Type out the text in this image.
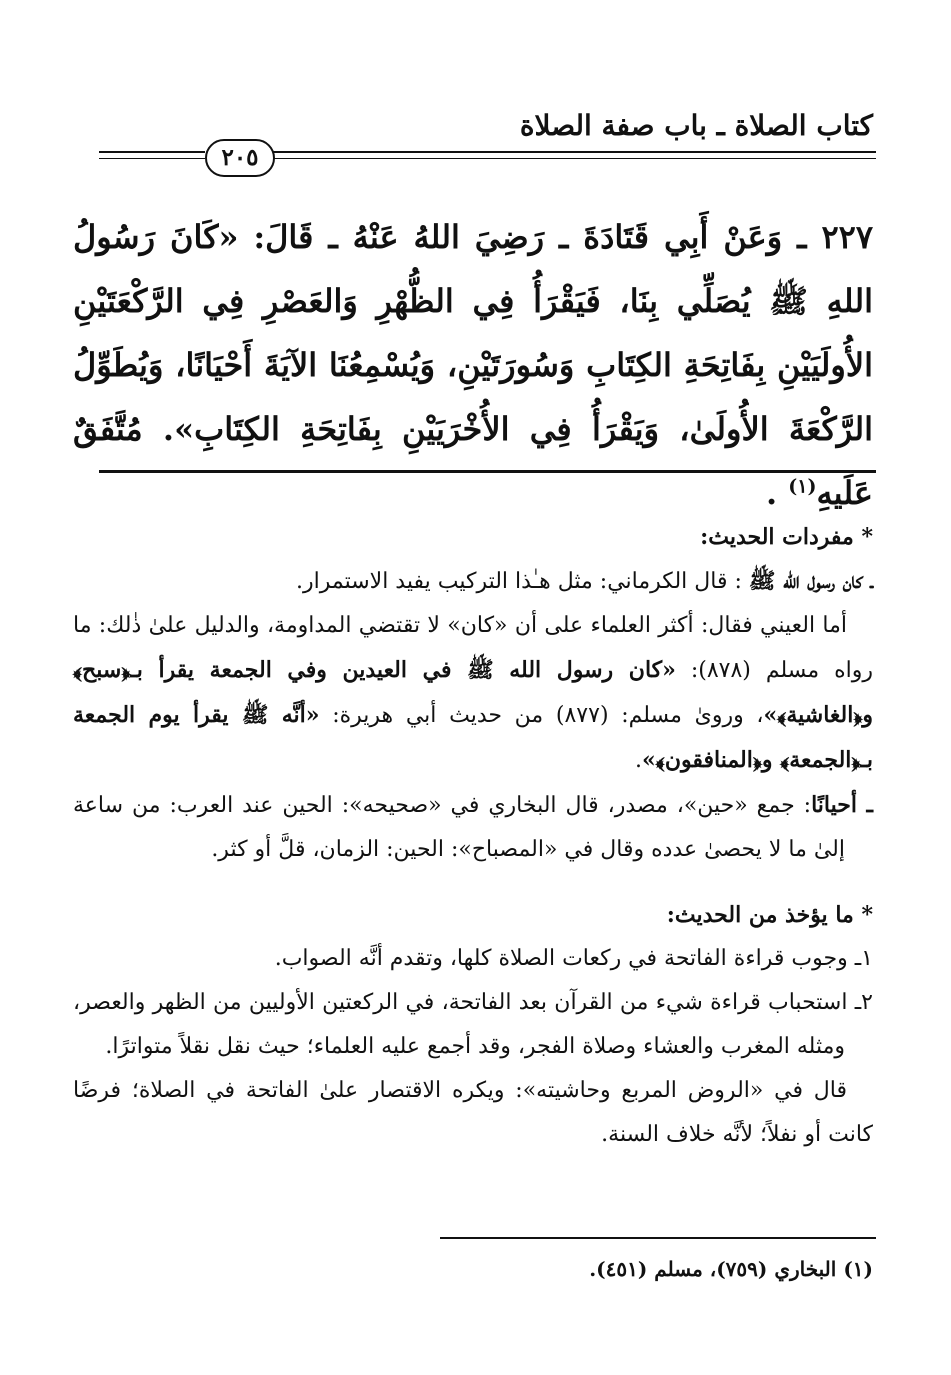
كتاب الصلاة ـ باب صفة الصلاة
٢٠٥
٢٢٧ ـ وَعَنْ أَبِي قَتَادَةَ ـ رَضِيَ اللهُ عَنْهُ ـ قَالَ: «كَانَ رَسُولُ اللهِ ﷺ يُصَلِّي بِنَا، فَيَقْرَأُ فِي الظُّهْرِ وَالعَصْرِ فِي الرَّكْعَتَيْنِ الأُولَيَيْنِ بِفَاتِحَةِ الكِتَابِ وَسُورَتَيْنِ، وَيُسْمِعُنَا الآيَةَ أَحْيَانًا، وَيُطَوِّلُ الرَّكْعَةَ الأُولَىٰ، وَيَقْرَأُ فِي الأُخْرَيَيْنِ بِفَاتِحَةِ الكِتَابِ». مُتَّفَقٌ عَلَيهِ$^{(١)}$ .

* مفردات الحديث:

ـ كان رسول الله ﷺ : قال الكرماني: مثل هـٰذا التركيب يفيد الاستمرار.

أما العيني فقال: أكثر العلماء على أن «كان» لا تقتضي المداومة، والدليل علىٰ ذٰلك: ما رواه مسلم (٨٧٨): «كان رسول الله ﷺ في العيدين وفي الجمعة يقرأ بـ﴿سبح﴾ و﴿الغاشية﴾»، وروىٰ مسلم: (٨٧٧) من حديث أبي هريرة: «أنَّه ﷺ يقرأ يوم الجمعة بـ﴿الجمعة﴾ و﴿المنافقون﴾».

ـ أحيانًا: جمع «حين»، مصدر، قال البخاري في «صحيحه»: الحين عند العرب: من ساعة إلىٰ ما لا يحصىٰ عدده وقال في «المصباح»: الحين: الزمان، قلَّ أو كثر.

* ما يؤخذ من الحديث:

١ـ وجوب قراءة الفاتحة في ركعات الصلاة كلها، وتقدم أنَّه الصواب.

٢ـ استحباب قراءة شيء من القرآن بعد الفاتحة، في الركعتين الأوليين من الظهر والعصر، ومثله المغرب والعشاء وصلاة الفجر، وقد أجمع عليه العلماء؛ حيث نقل نقلاً متواترًا.

قال في «الروض المربع وحاشيته»: ويكره الاقتصار علىٰ الفاتحة في الصلاة؛ فرضًا كانت أو نفلاً؛ لأنَّه خلاف السنة.

(١) البخاري (٧٥٩)، مسلم (٤٥١).
